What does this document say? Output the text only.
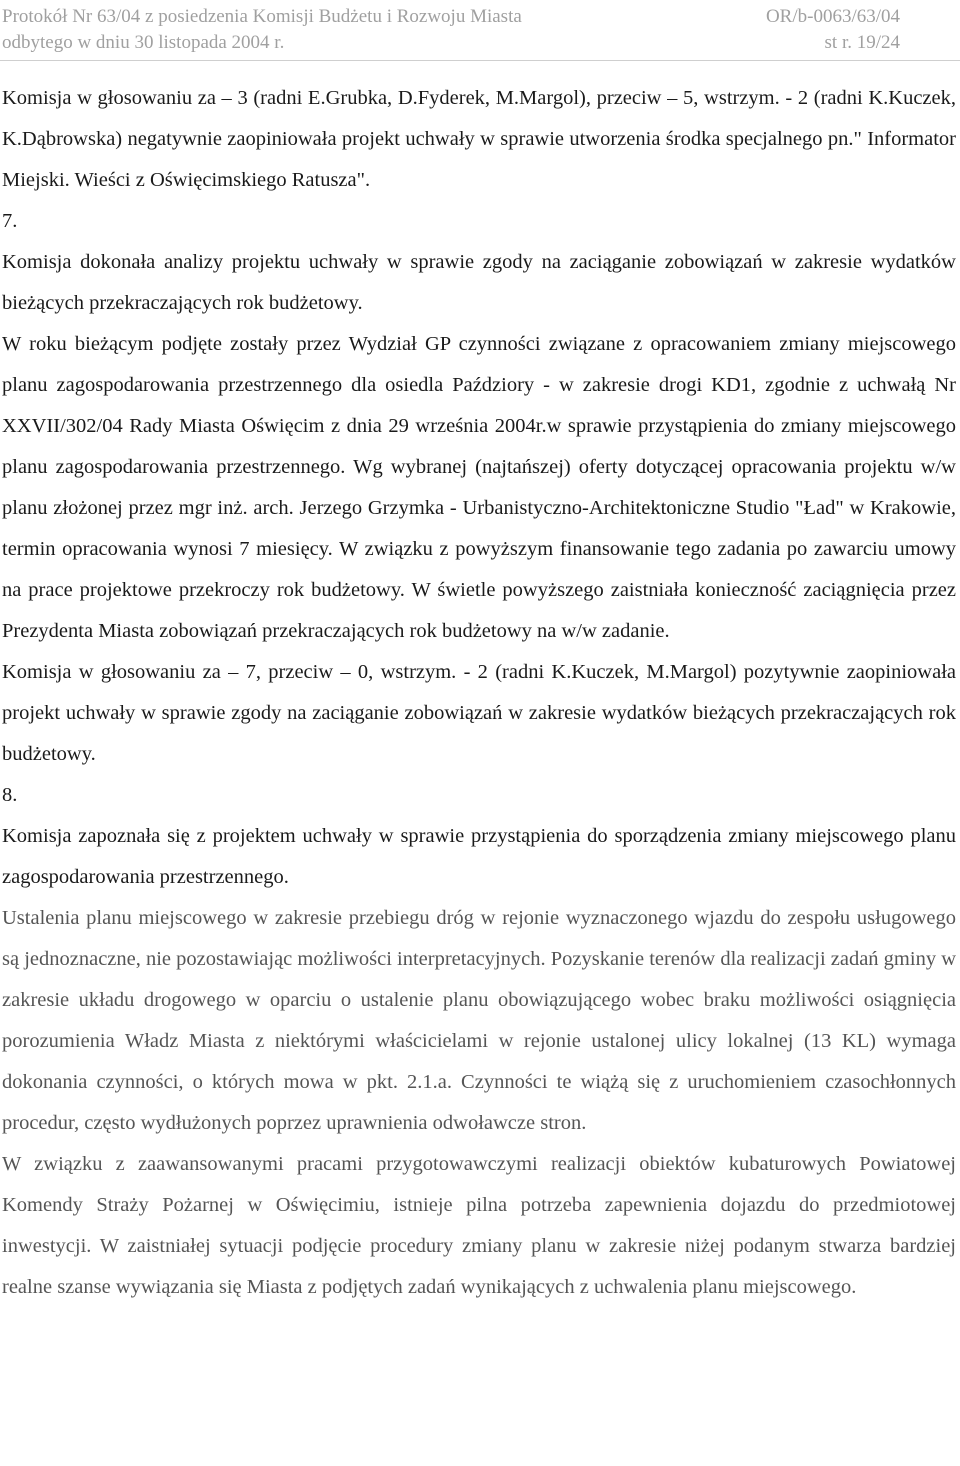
Protokół Nr 63/04 z posiedzenia Komisji Budżetu i Rozwoju Miasta	OR/b-0063/63/04
odbytego w dniu 30 listopada 2004 r.	st r. 19/24

Komisja w głosowaniu za – 3 (radni E.Grubka, D.Fyderek, M.Margol), przeciw – 5, wstrzym. - 2 (radni K.Kuczek, K.Dąbrowska) negatywnie zaopiniowała projekt uchwały w sprawie utworzenia środka specjalnego pn." Informator Miejski. Wieści z Oświęcimskiego Ratusza".

7.

Komisja dokonała analizy projektu uchwały w sprawie zgody na zaciąganie zobowiązań w zakresie wydatków bieżących przekraczających rok budżetowy.

W roku bieżącym podjęte zostały przez Wydział GP czynności związane z opracowaniem zmiany miejscowego planu zagospodarowania przestrzennego dla osiedla Paździory - w zakresie drogi KD1, zgodnie z uchwałą Nr XXVII/302/04 Rady Miasta Oświęcim z dnia 29 września 2004r.w sprawie przystąpienia do zmiany miejscowego planu zagospodarowania przestrzennego. Wg wybranej (najtańszej) oferty dotyczącej opracowania projektu w/w planu złożonej przez mgr inż. arch. Jerzego Grzymka - Urbanistyczno-Architektoniczne Studio "Ład" w Krakowie, termin opracowania wynosi 7 miesięcy. W związku z powyższym finansowanie tego zadania po zawarciu umowy na prace projektowe przekroczy rok budżetowy. W świetle powyższego zaistniała konieczność zaciągnięcia przez Prezydenta Miasta zobowiązań przekraczających rok budżetowy na w/w zadanie.

Komisja w głosowaniu za – 7, przeciw – 0, wstrzym. - 2 (radni K.Kuczek, M.Margol) pozytywnie zaopiniowała projekt uchwały w sprawie zgody na zaciąganie zobowiązań w zakresie wydatków bieżących przekraczających rok budżetowy.

8.

Komisja zapoznała się z projektem uchwały w sprawie przystąpienia do sporządzenia zmiany miejscowego planu zagospodarowania przestrzennego.

Ustalenia planu miejscowego w zakresie przebiegu dróg w rejonie wyznaczonego wjazdu do zespołu usługowego są jednoznaczne, nie pozostawiając możliwości interpretacyjnych. Pozyskanie terenów dla realizacji zadań gminy w zakresie układu drogowego w oparciu o ustalenie planu obowiązującego wobec braku możliwości osiągnięcia porozumienia Władz Miasta z niektórymi właścicielami w rejonie ustalonej ulicy lokalnej (13 KL) wymaga dokonania czynności, o których mowa w pkt. 2.1.a. Czynności te wiążą się z uruchomieniem czasochłonnych procedur, często wydłużonych poprzez uprawnienia odwoławcze stron.

W związku z zaawansowanymi pracami przygotowawczymi realizacji obiektów kubaturowych Powiatowej Komendy Straży Pożarnej w Oświęcimiu, istnieje pilna potrzeba zapewnienia dojazdu do przedmiotowej inwestycji. W zaistniałej sytuacji podjęcie procedury zmiany planu w zakresie niżej podanym stwarza bardziej realne szanse wywiązania się Miasta z podjętych zadań wynikających z uchwalenia planu miejscowego.
